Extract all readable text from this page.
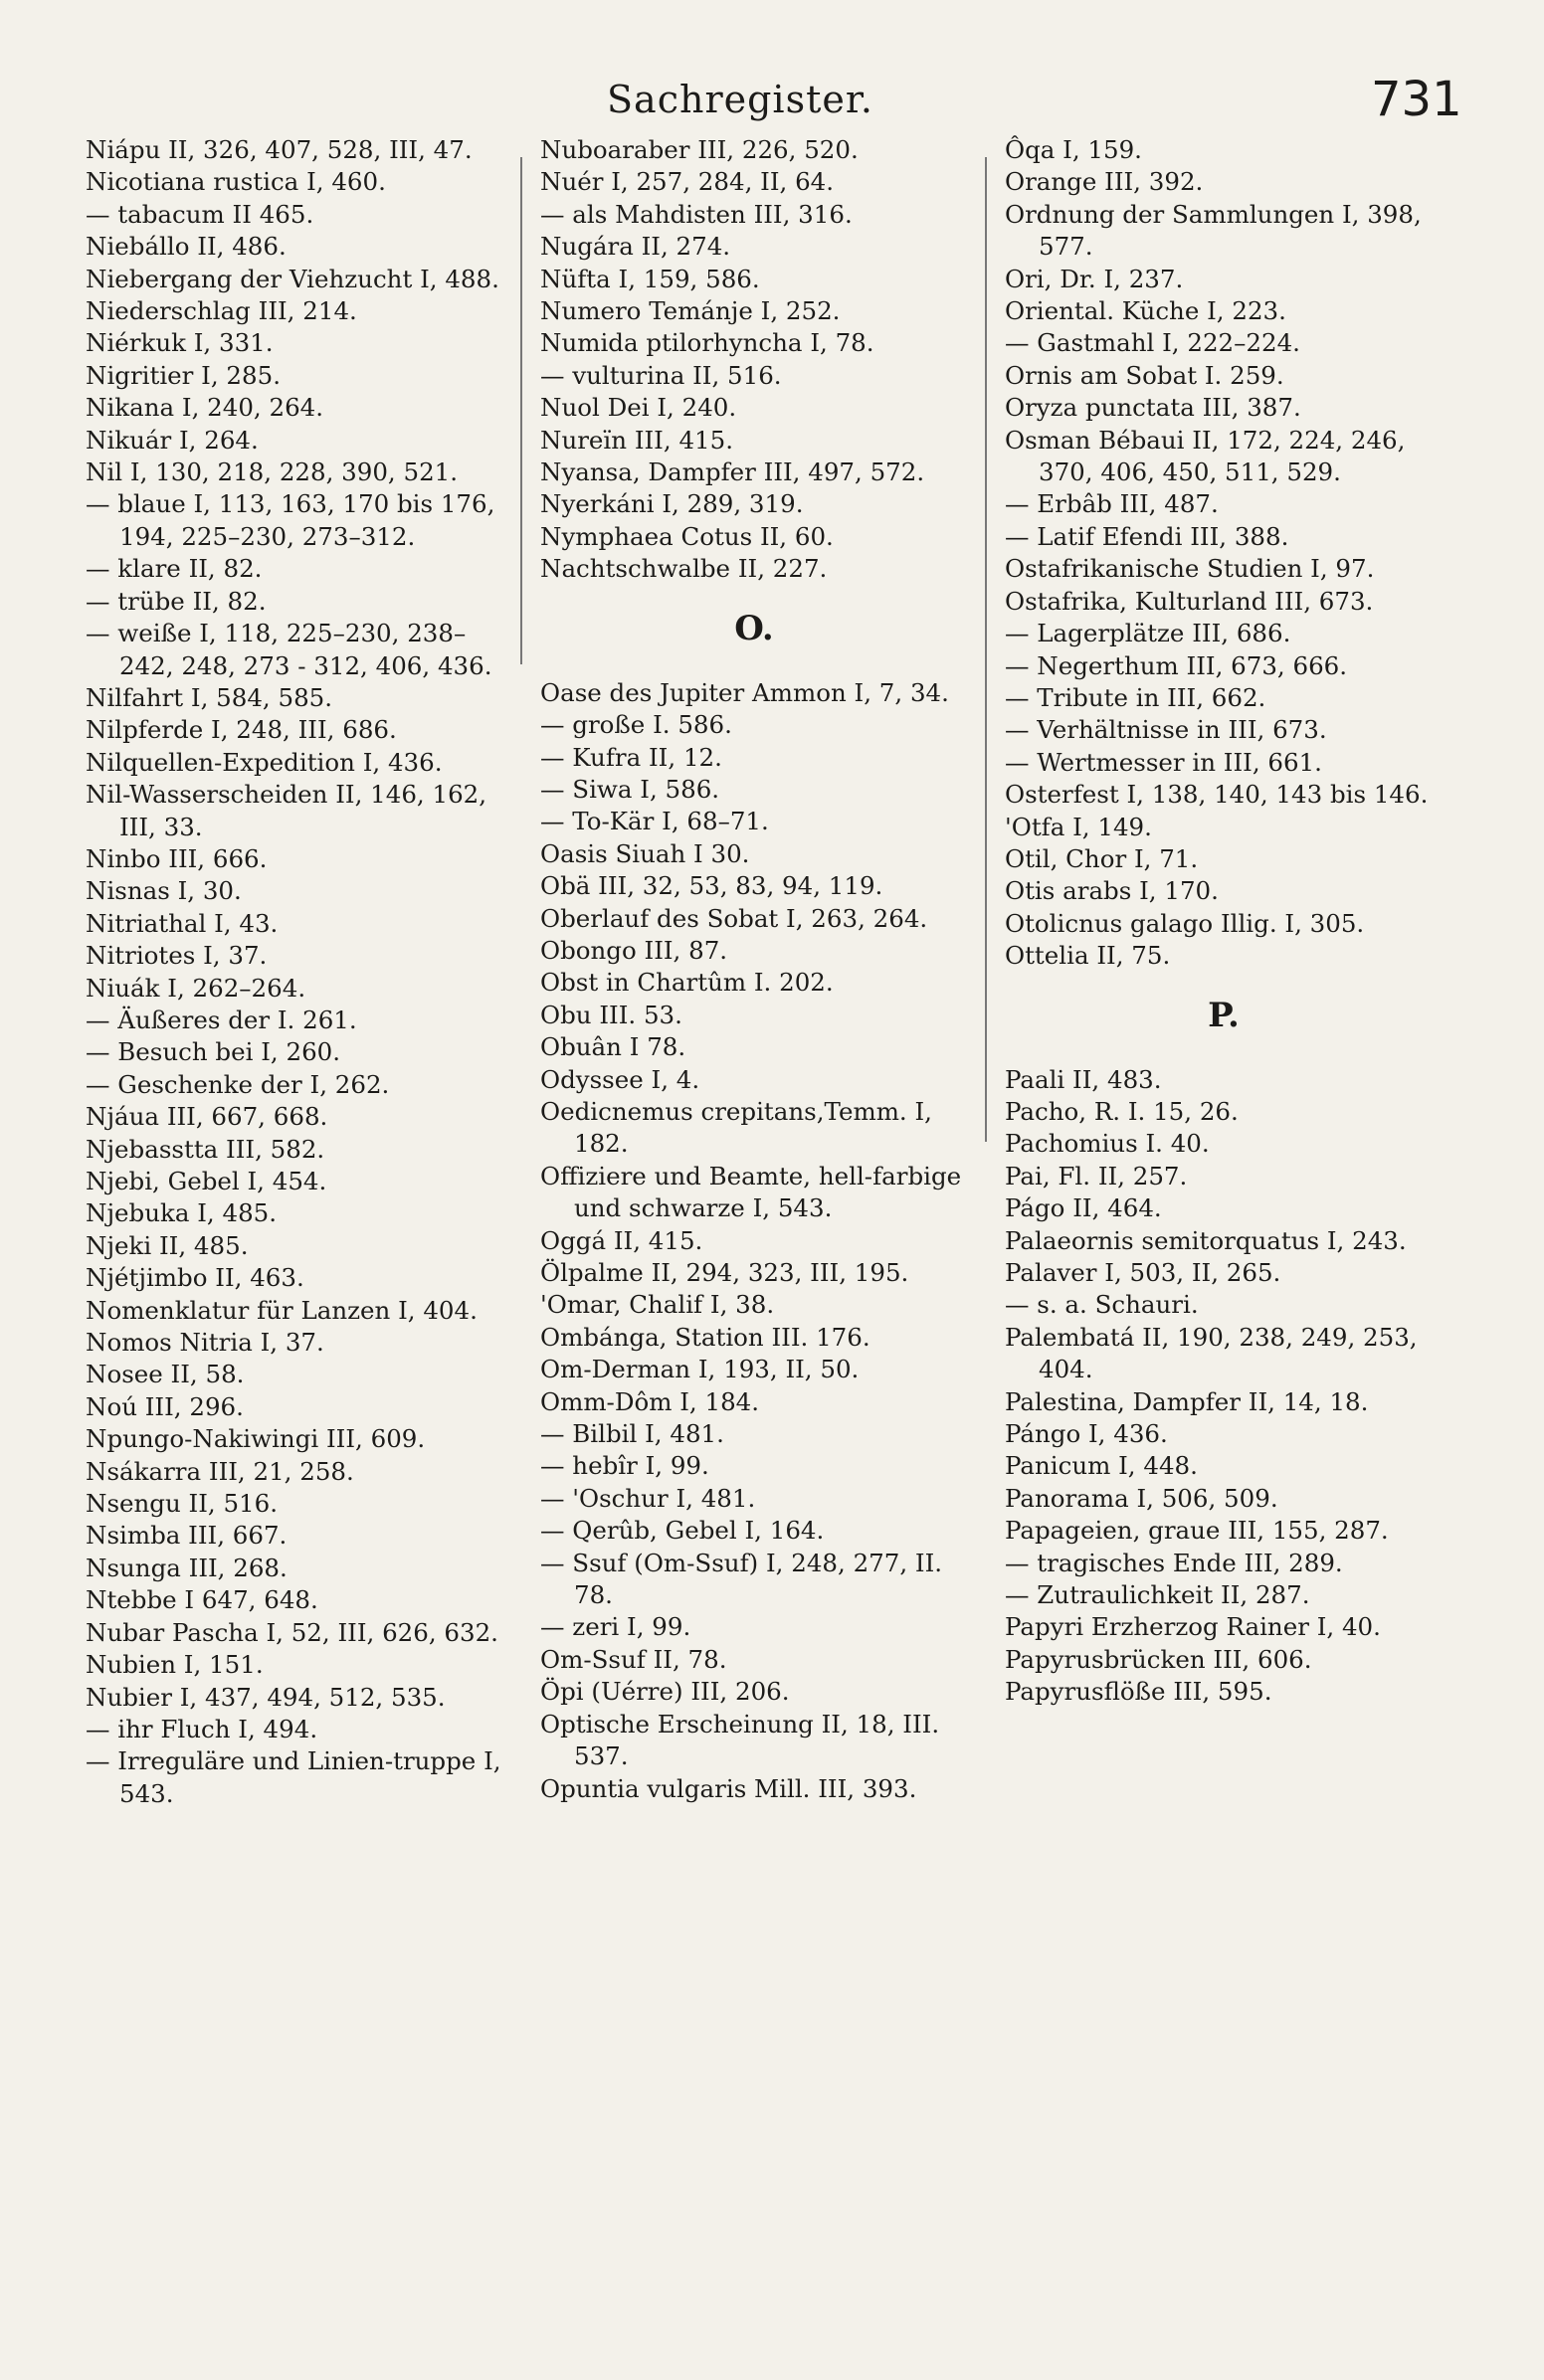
Sachregister.	731
Niápu II, 326, 407, 528, III, 47.
Nicotiana rustica I, 460.
— tabacum II 465.
Niebállo II, 486.
Niebergang der Viehzucht I, 488.
Niederschlag III, 214.
Niérkuk I, 331.
Nigritier I, 285.
Nikana I, 240, 264.
Nikuár I, 264.
Nil I, 130, 218, 228, 390, 521.
— blaue I, 113, 163, 170 bis 176, 194, 225–230, 273–312.
— klare II, 82.
— trübe II, 82.
— weiße I, 118, 225–230, 238–242, 248, 273 - 312, 406, 436.
Nilfahrt I, 584, 585.
Nilpferde I, 248, III, 686.
Nilquellen-Expedition I, 436.
Nil-Wasserscheiden II, 146, 162, III, 33.
Ninbo III, 666.
Nisnas I, 30.
Nitriathal I, 43.
Nitriotes I, 37.
Niuák I, 262–264.
— Äußeres der I. 261.
— Besuch bei I, 260.
— Geschenke der I, 262.
Njáua III, 667, 668.
Njebasstta III, 582.
Njebi, Gebel I, 454.
Njebuka I, 485.
Njeki II, 485.
Njétjimbo II, 463.
Nomenklatur für Lanzen I, 404.
Nomos Nitria I, 37.
Nosee II, 58.
Noú III, 296.
Npungo-Nakiwingi III, 609.
Nsákarra III, 21, 258.
Nsengu II, 516.
Nsimba III, 667.
Nsunga III, 268.
Ntebbe I 647, 648.
Nubar Pascha I, 52, III, 626, 632.
Nubien I, 151.
Nubier I, 437, 494, 512, 535.
— ihr Fluch I, 494.
— Irreguläre und Linien-truppe I, 543.
Nuboaraber III, 226, 520.
Nuér I, 257, 284, II, 64.
— als Mahdisten III, 316.
Nugára II, 274.
Nüfta I, 159, 586.
Numero Temánje I, 252.
Numida ptilorhyncha I, 78.
— vulturina II, 516.
Nuol Dei I, 240.
Nureïn III, 415.
Nyansa, Dampfer III, 497, 572.
Nyerkáni I, 289, 319.
Nymphaea Cotus II, 60.
Nachtschwalbe II, 227.
O.
Oase des Jupiter Ammon I, 7, 34.
— große I. 586.
— Kufra II, 12.
— Siwa I, 586.
— To-Kär I, 68–71.
Oasis Siuah I 30.
Obä III, 32, 53, 83, 94, 119.
Oberlauf des Sobat I, 263, 264.
Obongo III, 87.
Obst in Chartûm I. 202.
Obu III. 53.
Obuân I 78.
Odyssee I, 4.
Oedicnemus crepitans,Temm. I, 182.
Offiziere und Beamte, hell-farbige und schwarze I, 543.
Oggá II, 415.
Ölpalme II, 294, 323, III, 195.
'Omar, Chalif I, 38.
Ombánga, Station III. 176.
Om-Derman I, 193, II, 50.
Omm-Dôm I, 184.
— Bilbil I, 481.
— hebîr I, 99.
— 'Oschur I, 481.
— Qerûb, Gebel I, 164.
— Ssuf (Om-Ssuf) I, 248, 277, II. 78.
— zeri I, 99.
Om-Ssuf II, 78.
Öpi (Uérre) III, 206.
Optische Erscheinung II, 18, III. 537.
Opuntia vulgaris Mill. III, 393.
Ôqa I, 159.
Orange III, 392.
Ordnung der Sammlungen I, 398, 577.
Ori, Dr. I, 237.
Oriental. Küche I, 223.
— Gastmahl I, 222–224.
Ornis am Sobat I. 259.
Oryza punctata III, 387.
Osman Bébaui II, 172, 224, 246, 370, 406, 450, 511, 529.
— Erbâb III, 487.
— Latif Efendi III, 388.
Ostafrikanische Studien I, 97.
Ostafrika, Kulturland III, 673.
— Lagerplätze III, 686.
— Negerthum III, 673, 666.
— Tribute in III, 662.
— Verhältnisse in III, 673.
— Wertmesser in III, 661.
Osterfest I, 138, 140, 143 bis 146.
'Otfa I, 149.
Otil, Chor I, 71.
Otis arabs I, 170.
Otolicnus galago Illig. I, 305.
Ottelia II, 75.
P.
Paali II, 483.
Pacho, R. I. 15, 26.
Pachomius I. 40.
Pai, Fl. II, 257.
Págo II, 464.
Palaeornis semitorquatus I, 243.
Palaver I, 503, II, 265.
— s. a. Schauri.
Palembatá II, 190, 238, 249, 253, 404.
Palestina, Dampfer II, 14, 18.
Pángo I, 436.
Panicum I, 448.
Panorama I, 506, 509.
Papageien, graue III, 155, 287.
— tragisches Ende III, 289.
— Zutraulichkeit II, 287.
Papyri Erzherzog Rainer I, 40.
Papyrusbrücken III, 606.
Papyrusflöße III, 595.
